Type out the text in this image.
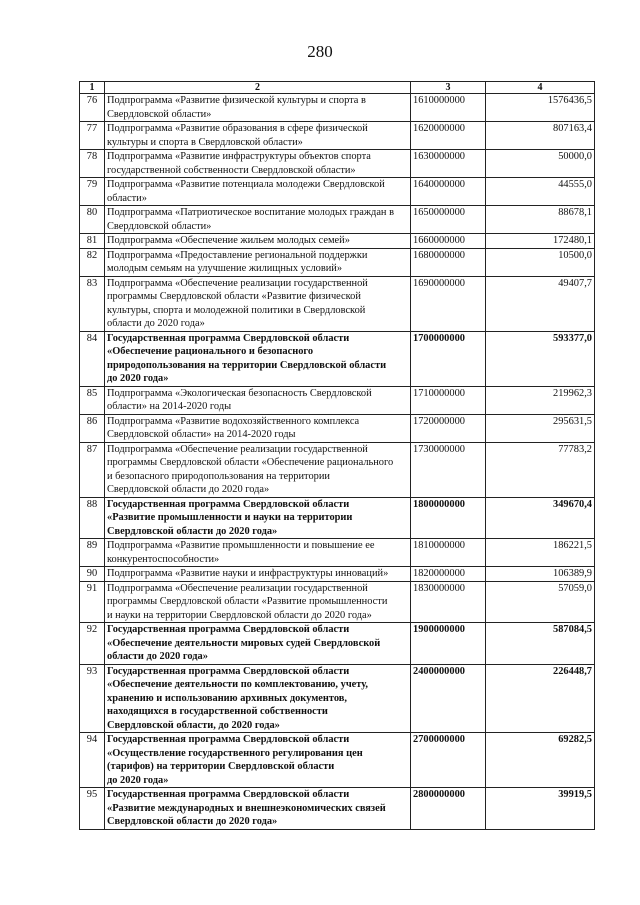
280
1	2	3	4
76	Подпрограмма «Развитие физической культуры и спорта в
Свердловской области»	1610000000	1576436,5
77	Подпрограмма «Развитие образования в сфере физической
культуры и спорта в Свердловской области»	1620000000	807163,4
78	Подпрограмма «Развитие инфраструктуры объектов спорта
государственной собственности Свердловской области»	1630000000	50000,0
79	Подпрограмма «Развитие потенциала молодежи Свердловской
области»	1640000000	44555,0
80	Подпрограмма «Патриотическое воспитание молодых граждан в
Свердловской области»	1650000000	88678,1
81	Подпрограмма «Обеспечение жильем молодых семей»	1660000000	172480,1
82	Подпрограмма «Предоставление региональной поддержки
молодым семьям на улучшение жилищных условий»	1680000000	10500,0
83	Подпрограмма «Обеспечение реализации государственной
программы Свердловской области «Развитие физической
культуры, спорта и молодежной политики в Свердловской
области до 2020 года»	1690000000	49407,7
84	Государственная программа Свердловской области
«Обеспечение рационального и безопасного
природопользования на территории Свердловской области
до 2020 года»	1700000000	593377,0
85	Подпрограмма «Экологическая безопасность Свердловской
области» на 2014-2020 годы	1710000000	219962,3
86	Подпрограмма «Развитие водохозяйственного комплекса
Свердловской области» на 2014-2020 годы	1720000000	295631,5
87	Подпрограмма «Обеспечение реализации государственной
программы Свердловской области «Обеспечение рационального
и безопасного природопользования на территории
Свердловской области до 2020 года»	1730000000	77783,2
88	Государственная программа Свердловской области
«Развитие промышленности и науки на территории
Свердловской области до 2020 года»	1800000000	349670,4
89	Подпрограмма «Развитие промышленности и повышение ее
конкурентоспособности»	1810000000	186221,5
90	Подпрограмма «Развитие науки и инфраструктуры инноваций»	1820000000	106389,9
91	Подпрограмма «Обеспечение реализации государственной
программы Свердловской области «Развитие промышленности
и науки на территории Свердловской области до 2020 года»	1830000000	57059,0
92	Государственная программа Свердловской области
«Обеспечение деятельности мировых судей Свердловской
области до 2020 года»	1900000000	587084,5
93	Государственная программа Свердловской области
«Обеспечение деятельности по комплектованию, учету,
хранению и использованию архивных документов,
находящихся в государственной собственности
Свердловской области, до 2020 года»	2400000000	226448,7
94	Государственная программа Свердловской области
«Осуществление государственного регулирования цен
(тарифов) на территории Свердловской области
до 2020 года»	2700000000	69282,5
95	Государственная программа Свердловской области
«Развитие международных и внешнеэкономических связей
Свердловской области до 2020 года»	2800000000	39919,5
